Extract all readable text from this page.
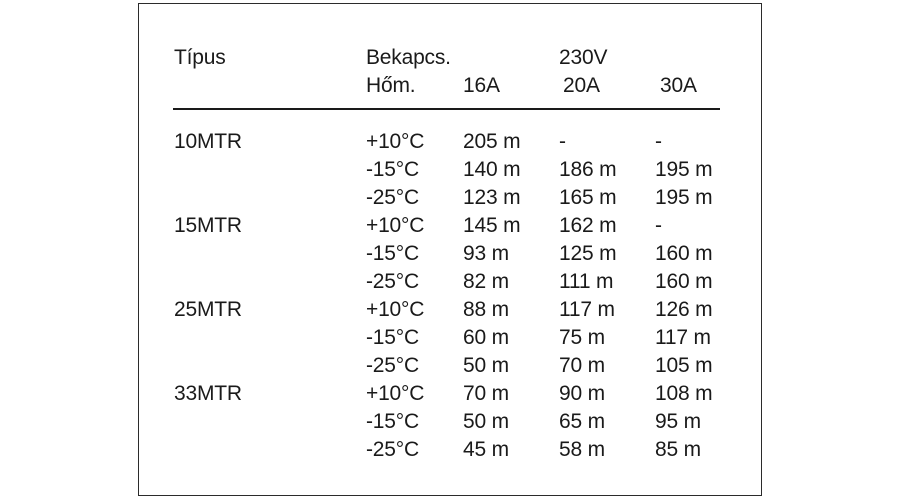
Típus	Bekapcs.	230V
Hőm. 16A	20A	30A
10MTR	+10°C 205 m -	-
-15°C 140 m 186 m 195 m
-25°C 123 m 165 m 195 m
15MTR	+10°C 145 m 162 m -
-15°C 93 m 125 m 160 m
-25°C 82 m 111 m 160 m
25MTR	+10°C 88 m 117 m 126 m
-15°C 60 m 75 m 117 m
-25°C 50 m 70 m 105 m
33MTR	+10°C 70 m 90 m 108 m
-15°C 50 m 65 m 95 m
-25°C 45 m 58 m 85 m
